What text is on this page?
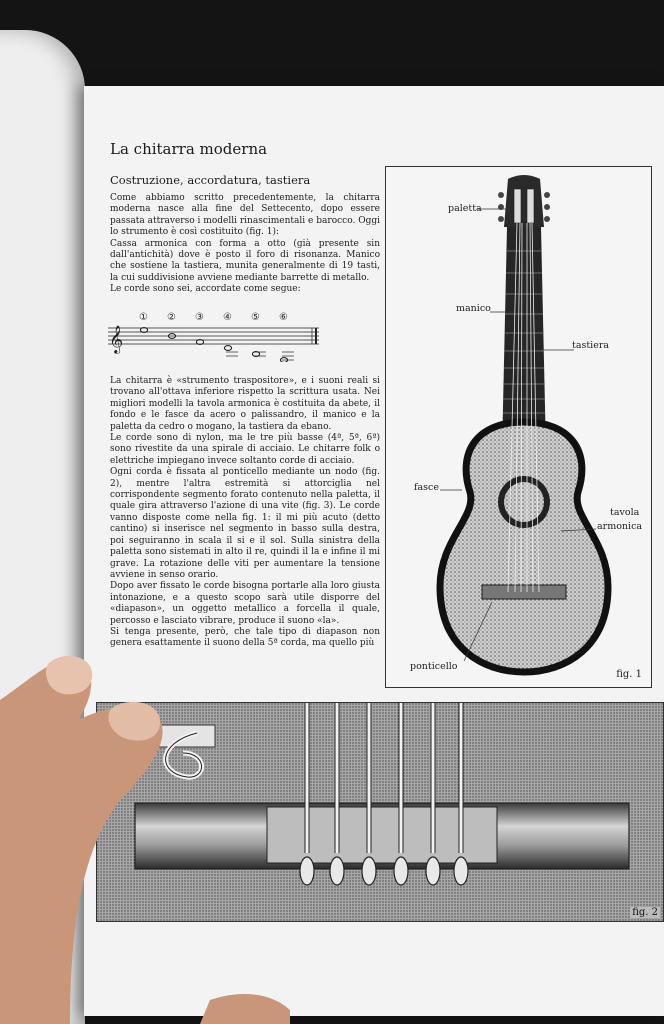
La chitarra moderna
Costruzione, accordatura, tastiera

Come abbiamo scritto precedentemente, la chitarra moderna nasce alla fine del Settecento, dopo essere passata attraverso i modelli rinascimentali e barocco. Oggi lo strumento è così costituito (fig. 1):

Cassa armonica con forma a otto (già presente sin dall'antichità) dove è posto il foro di risonanza. Manico che sostiene la tastiera, munita generalmente di 19 tasti, la cui suddivisione avviene mediante barrette di metallo.

Le corde sono sei, accordate come segue:

𝄞
① ② ③ ④ ⑤ ⑥

La chitarra è «strumento traspositore», e i suoni reali si trovano all'ottava inferiore rispetto la scrittura usata. Nei migliori modelli la tavola armonica è costituita da abete, il fondo e le fasce da acero o palissandro, il manico e la paletta da cedro o mogano, la tastiera da ebano.

Le corde sono di nylon, ma le tre più basse (4ª, 5ª, 6ª) sono rivestite da una spirale di acciaio. Le chitarre folk o elettriche impiegano invece soltanto corde di acciaio.

Ogni corda è fissata al ponticello mediante un nodo (fig. 2), mentre l'altra estremità si attorciglia nel corrispondente segmento forato contenuto nella paletta, il quale gira attraverso l'azione di una vite (fig. 3). Le corde vanno disposte come nella fig. 1: il mi più acuto (detto cantino) si inserisce nel segmento in basso sulla destra, poi seguiranno in scala il si e il sol. Sulla sinistra della paletta sono sistemati in alto il re, quindi il la e infine il mi grave. La rotazione delle viti per aumentare la tensione avviene in senso orario.

Dopo aver fissato le corde bisogna portarle alla loro giusta intonazione, e a questo scopo sarà utile disporre del «diapason», un oggetto metallico a forcella il quale, percosso e lasciato vibrare, produce il suono «la».

Si tenga presente, però, che tale tipo di diapason non genera esattamente il suono della 5ª corda, ma quello più

paletta
manico
tastiera
fasce
tavola
armonica
ponticello
fig. 1
fig. 2
